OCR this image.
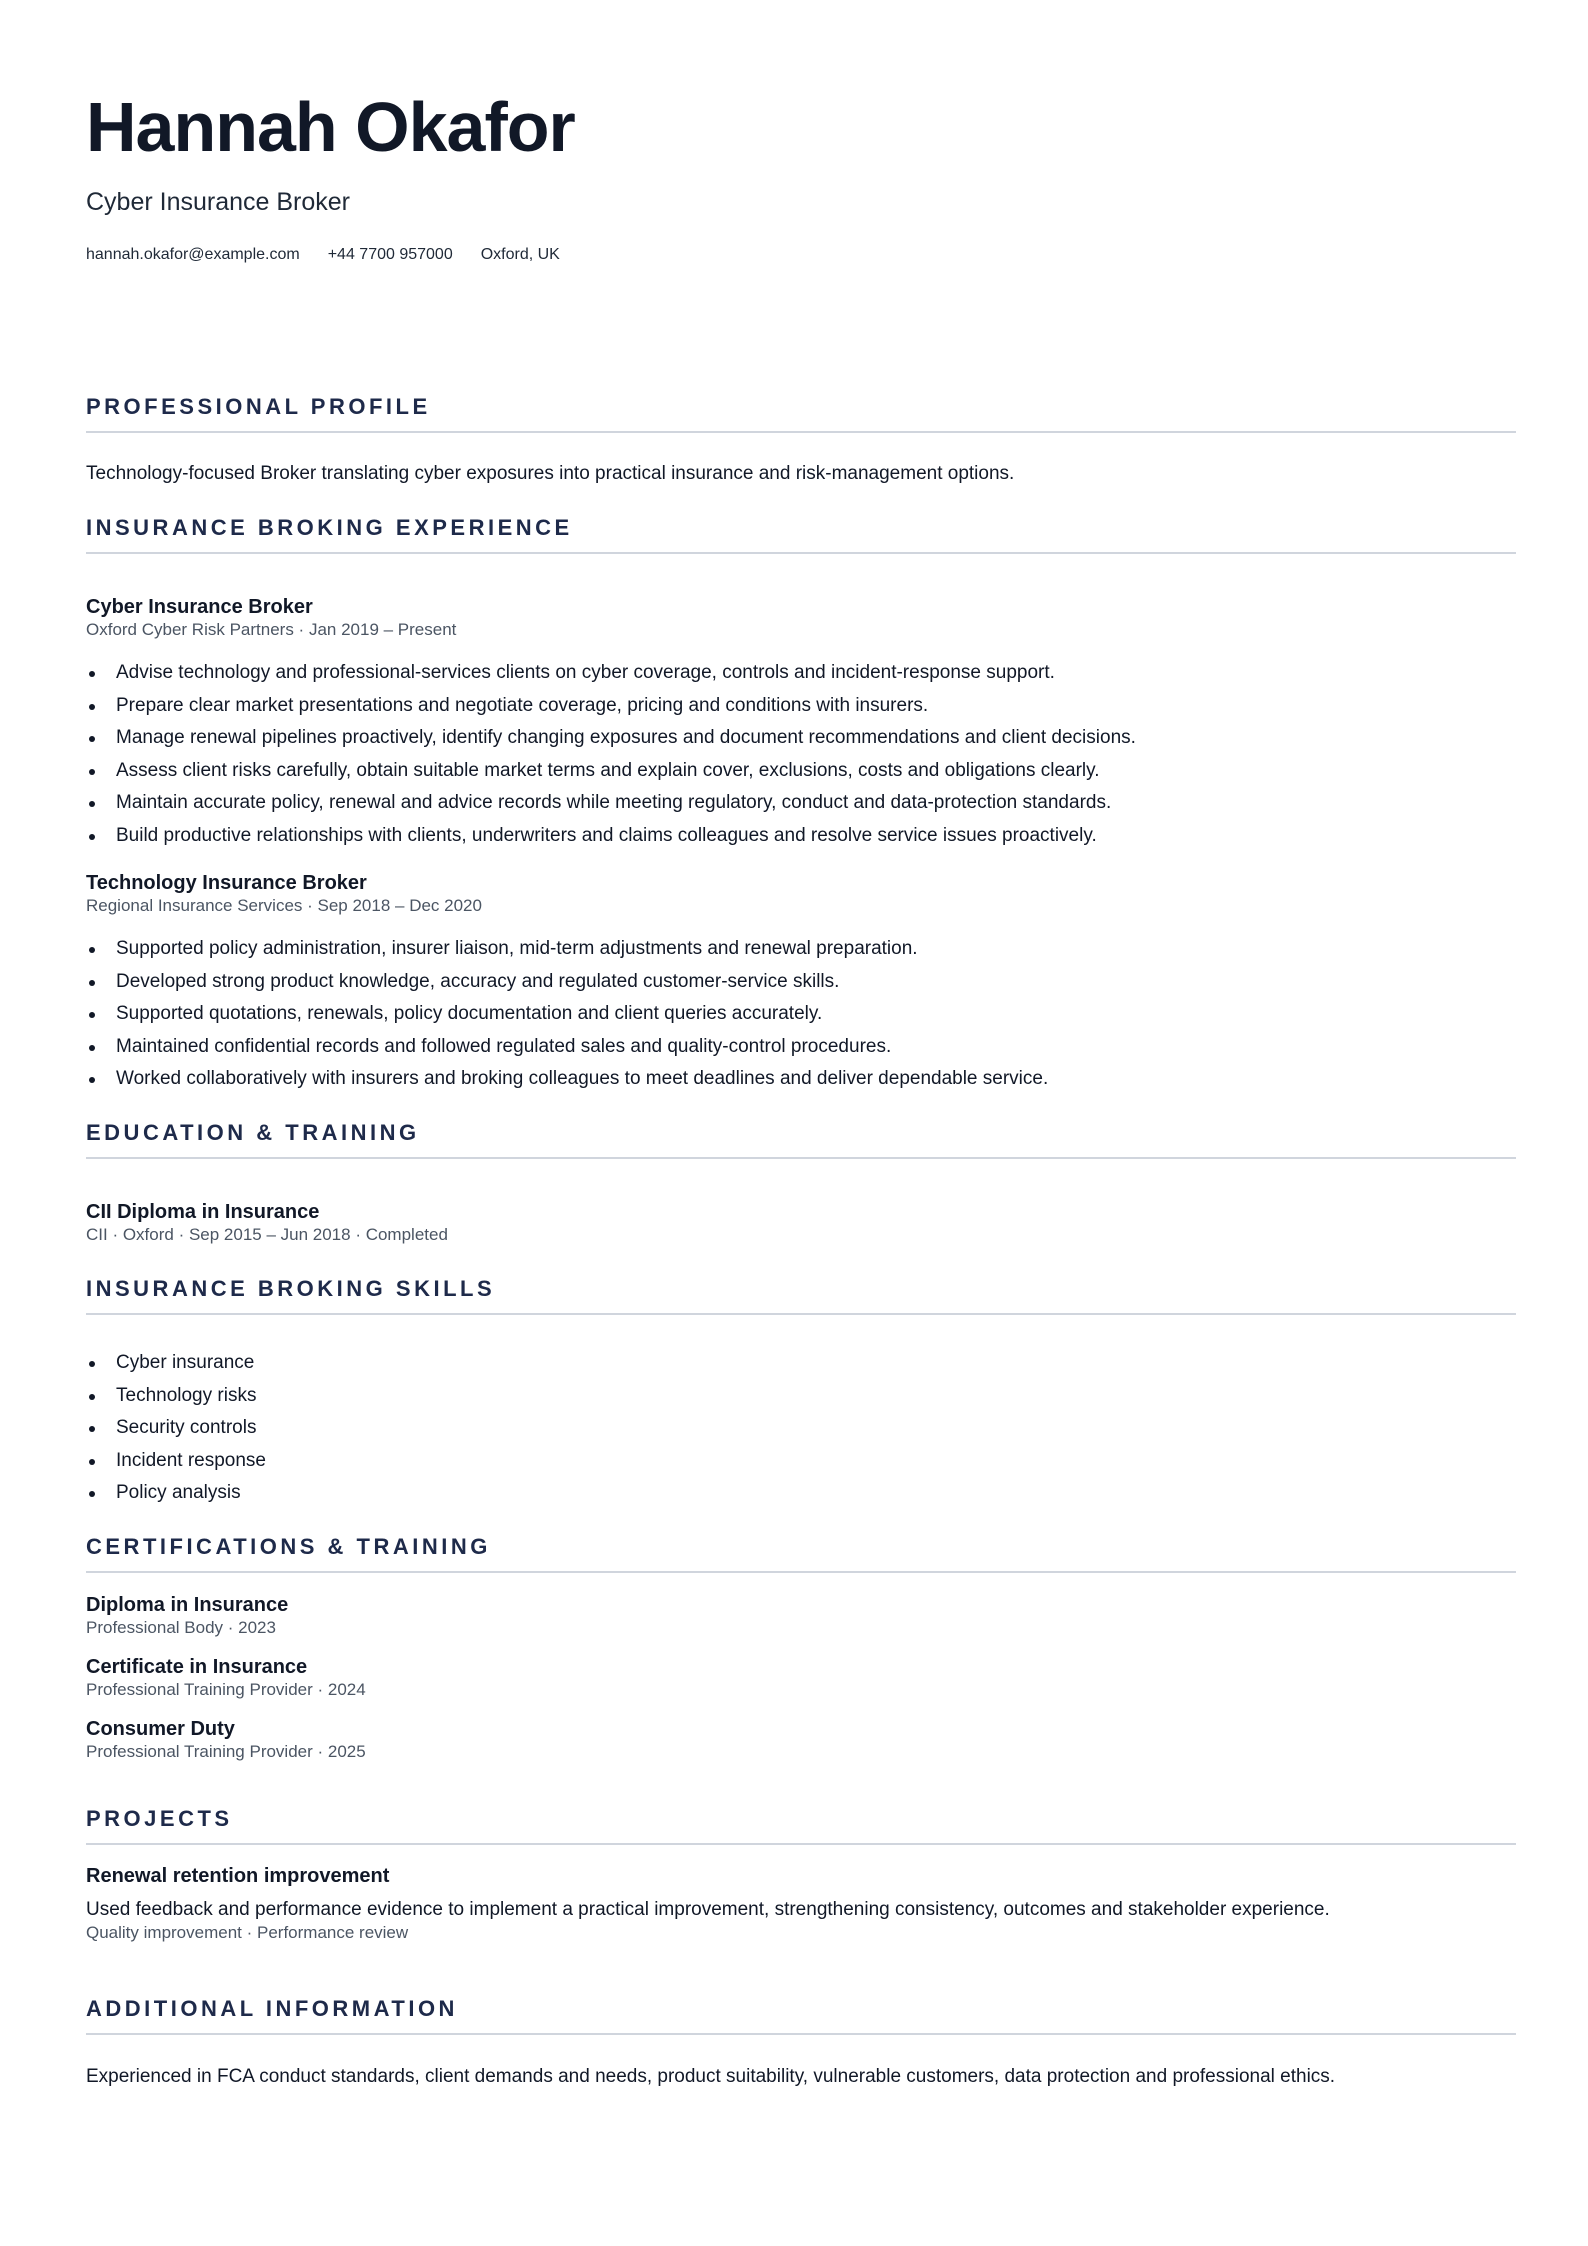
Hannah Okafor
Cyber Insurance Broker
hannah.okafor@example.com +44 7700 957000 Oxford, UK
PROFESSIONAL PROFILE
Technology-focused Broker translating cyber exposures into practical insurance and risk-management options.
INSURANCE BROKING EXPERIENCE
Cyber Insurance Broker
Oxford Cyber Risk Partners · Jan 2019 – Present
Advise technology and professional-services clients on cyber coverage, controls and incident-response support.
Prepare clear market presentations and negotiate coverage, pricing and conditions with insurers.
Manage renewal pipelines proactively, identify changing exposures and document recommendations and client decisions.
Assess client risks carefully, obtain suitable market terms and explain cover, exclusions, costs and obligations clearly.
Maintain accurate policy, renewal and advice records while meeting regulatory, conduct and data-protection standards.
Build productive relationships with clients, underwriters and claims colleagues and resolve service issues proactively.
Technology Insurance Broker
Regional Insurance Services · Sep 2018 – Dec 2020
Supported policy administration, insurer liaison, mid-term adjustments and renewal preparation.
Developed strong product knowledge, accuracy and regulated customer-service skills.
Supported quotations, renewals, policy documentation and client queries accurately.
Maintained confidential records and followed regulated sales and quality-control procedures.
Worked collaboratively with insurers and broking colleagues to meet deadlines and deliver dependable service.
EDUCATION & TRAINING
CII Diploma in Insurance
CII · Oxford · Sep 2015 – Jun 2018 · Completed
INSURANCE BROKING SKILLS
Cyber insurance
Technology risks
Security controls
Incident response
Policy analysis
CERTIFICATIONS & TRAINING
Diploma in Insurance
Professional Body · 2023
Certificate in Insurance
Professional Training Provider · 2024
Consumer Duty
Professional Training Provider · 2025
PROJECTS
Renewal retention improvement
Used feedback and performance evidence to implement a practical improvement, strengthening consistency, outcomes and stakeholder experience.
Quality improvement · Performance review
ADDITIONAL INFORMATION
Experienced in FCA conduct standards, client demands and needs, product suitability, vulnerable customers, data protection and professional ethics.
